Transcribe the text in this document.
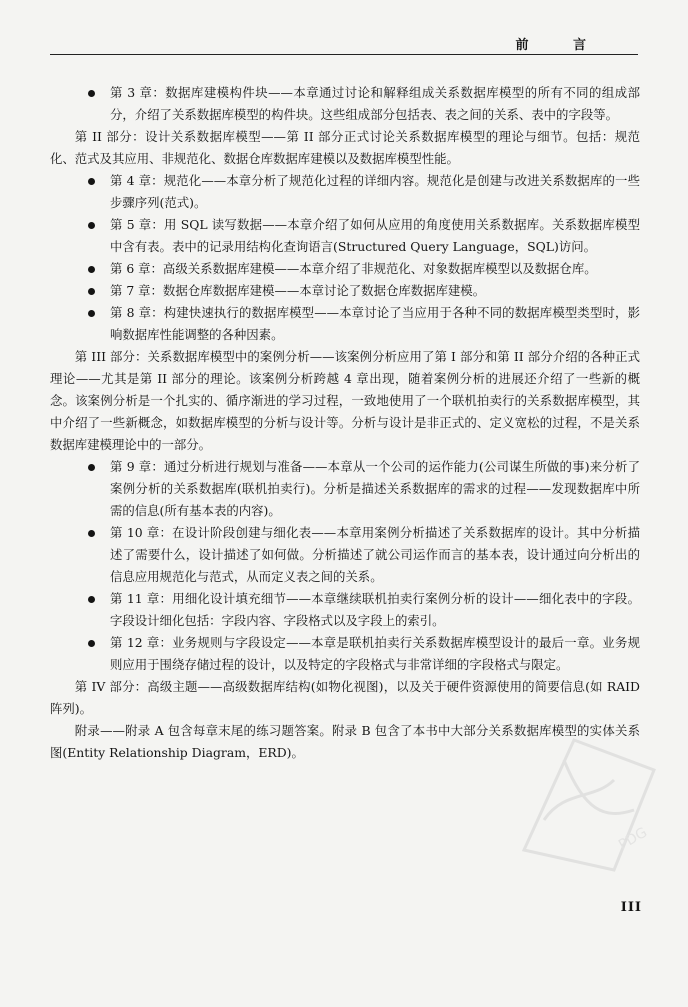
前 言
第 3 章：数据库建模构件块——本章通过讨论和解释组成关系数据库模型的所有不同的组成部分，介绍了关系数据库模型的构件块。这些组成部分包括表、表之间的关系、表中的字段等。

第 II 部分：设计关系数据库模型——第 II 部分正式讨论关系数据库模型的理论与细节。包括：规范化、范式及其应用、非规范化、数据仓库数据库建模以及数据库模型性能。

第 4 章：规范化——本章分析了规范化过程的详细内容。规范化是创建与改进关系数据库的一些步骤序列(范式)。
第 5 章：用 SQL 读写数据——本章介绍了如何从应用的角度使用关系数据库。关系数据库模型中含有表。表中的记录用结构化查询语言(Structured Query Language，SQL)访问。
第 6 章：高级关系数据库建模——本章介绍了非规范化、对象数据库模型以及数据仓库。
第 7 章：数据仓库数据库建模——本章讨论了数据仓库数据库建模。
第 8 章：构建快速执行的数据库模型——本章讨论了当应用于各种不同的数据库模型类型时，影响数据库性能调整的各种因素。

第 III 部分：关系数据库模型中的案例分析——该案例分析应用了第 I 部分和第 II 部分介绍的各种正式理论——尤其是第 II 部分的理论。该案例分析跨越 4 章出现，随着案例分析的进展还介绍了一些新的概念。该案例分析是一个扎实的、循序渐进的学习过程，一致地使用了一个联机拍卖行的关系数据库模型，其中介绍了一些新概念，如数据库模型的分析与设计等。分析与设计是非正式的、定义宽松的过程，不是关系数据库建模理论中的一部分。

第 9 章：通过分析进行规划与准备——本章从一个公司的运作能力(公司谋生所做的事)来分析了案例分析的关系数据库(联机拍卖行)。分析是描述关系数据库的需求的过程——发现数据库中所需的信息(所有基本表的内容)。
第 10 章：在设计阶段创建与细化表——本章用案例分析描述了关系数据库的设计。其中分析描述了需要什么，设计描述了如何做。分析描述了就公司运作而言的基本表，设计通过向分析出的信息应用规范化与范式，从而定义表之间的关系。
第 11 章：用细化设计填充细节——本章继续联机拍卖行案例分析的设计——细化表中的字段。字段设计细化包括：字段内容、字段格式以及字段上的索引。
第 12 章：业务规则与字段设定——本章是联机拍卖行关系数据库模型设计的最后一章。业务规则应用于围绕存储过程的设计，以及特定的字段格式与非常详细的字段格式与限定。

第 IV 部分：高级主题——高级数据库结构(如物化视图)，以及关于硬件资源使用的简要信息(如 RAID 阵列)。

附录——附录 A 包含每章末尾的练习题答案。附录 B 包含了本书中大部分关系数据库模型的实体关系图(Entity Relationship Diagram，ERD)。

PDG
III
